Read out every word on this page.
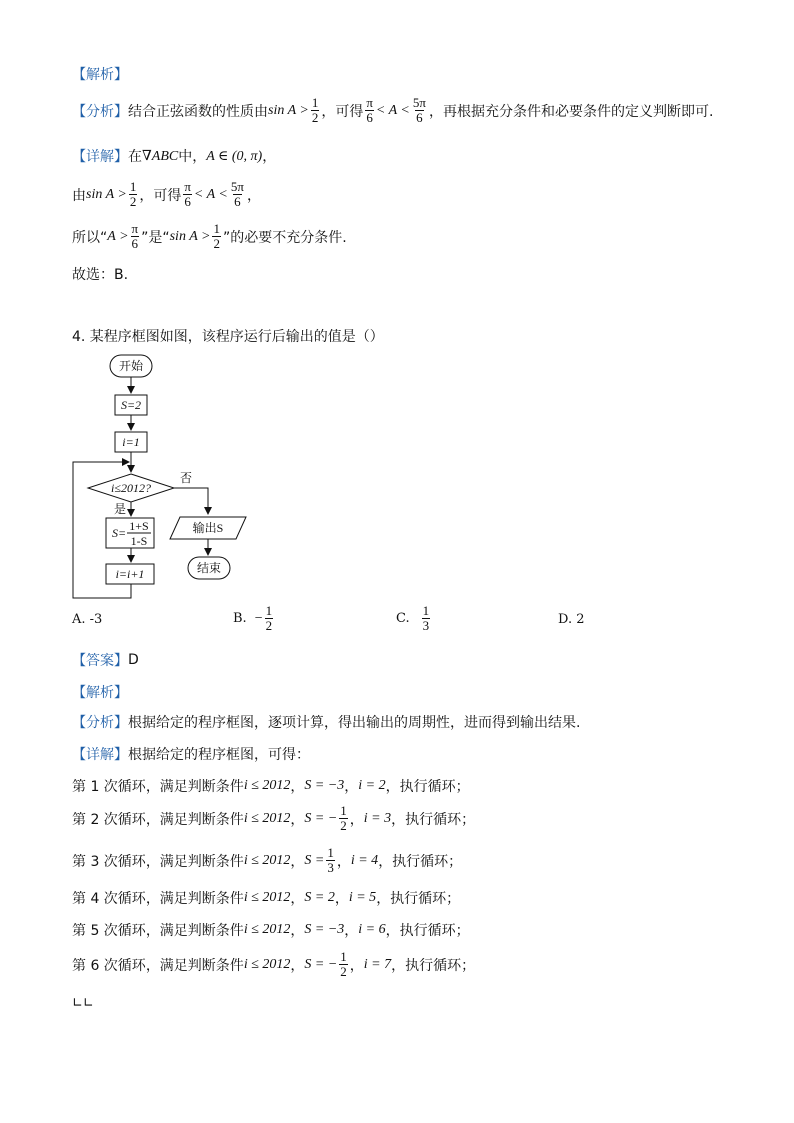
【解析】
【分析】 结合正弦函数的性质由 $\sin A > \frac{1}{2}$ ，可得 $\frac{\pi}{6} < A < \frac{5\pi}{6}$ ，再根据充分条件和必要条件的定义判断即可.
【详解】 在 ∇ABC 中， A ∈ (0, π) ，
由 $\sin A > \frac{1}{2}$ ，可得 $\frac{\pi}{6} < A < \frac{5\pi}{6}$ ，
所以“ $A > \frac{\pi}{6}$ ”是“ $\sin A > \frac{1}{2}$ ”的必要不充分条件.
故选：B.
4. 某程序框图如图，该程序运行后输出的值是（）
开始
S=2
i=1
i≤2012?
否
输出S
结束
是
S= 1+S
1-S
i=i+1
A. -3	B. − $\frac{1}{2}$	C. $\frac{1}{3}$	D. 2
【答案】 D
【解析】
【分析】 根据给定的程序框图，逐项计算，得出输出的周期性，进而得到输出结果.
【详解】 根据给定的程序框图，可得：
第 1 次循环 ，满足判断条件 i ≤ 2012 ， S = −3 ， i = 2 ，执行循环；
第 2 次循环 ，满足判断条件 i ≤ 2012 ， S = − $\frac{1}{2}$ ， i = 3 ，执行循环；
第 3 次循环 ，满足判断条件 i ≤ 2012 ， $S = \frac{1}{3}$ ， i = 4 ，执行循环；
第 4 次循环 ，满足判断条件 i ≤ 2012 ， S = 2 ， i = 5 ，执行循环；
第 5 次循环 ，满足判断条件 i ≤ 2012 ， S = −3 ， i = 6 ，执行循环；
第 6 次循环 ，满足判断条件 i ≤ 2012 ， S = − $\frac{1}{2}$ ， i = 7 ，执行循环；
∟∟
